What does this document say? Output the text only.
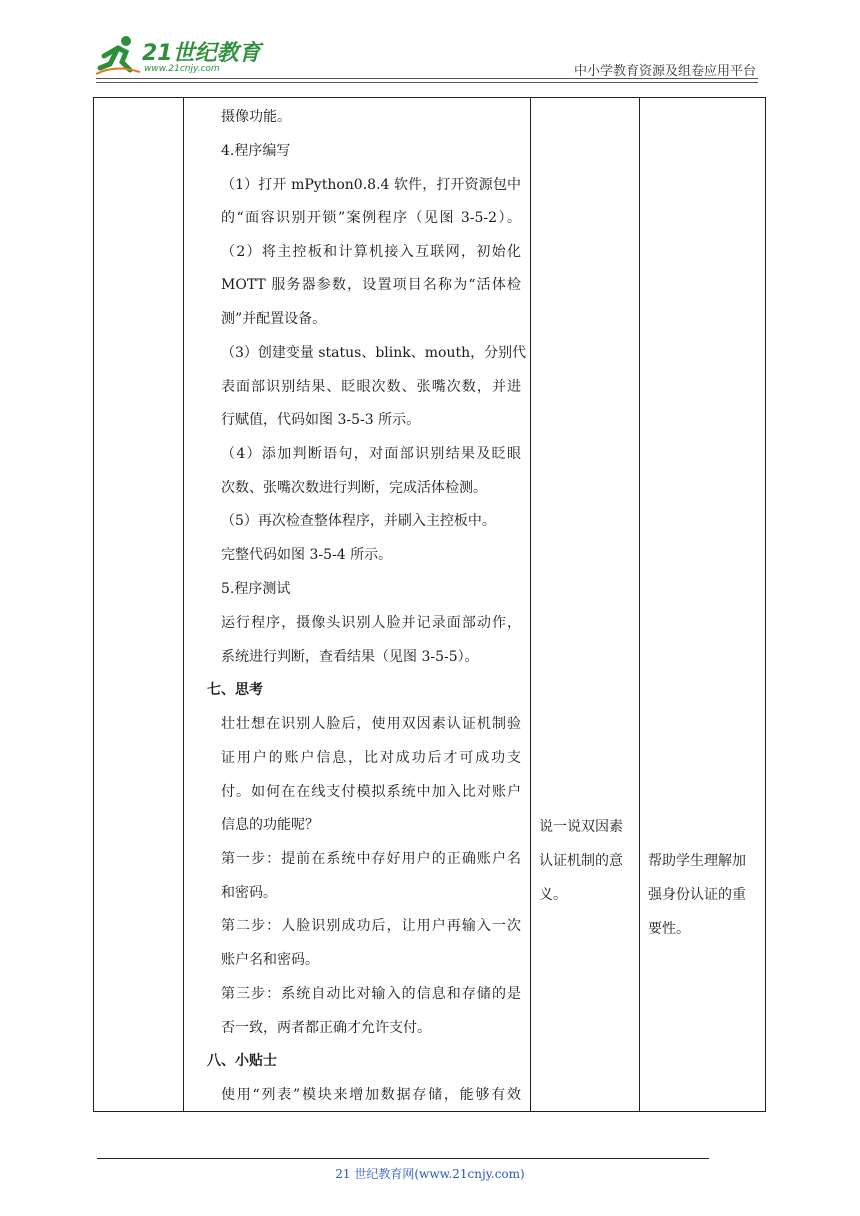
21世纪教育
www.21cnjy.com	中小学教育资源及组卷应用平台
摄像功能。
4.程序编写
（1）打开 mPython0.8.4 软件，打开资源包中
的“面容识别开锁”案例程序（见图 3-5-2）。
（2）将主控板和计算机接入互联网，初始化
MOTT 服务器参数，设置项目名称为“活体检
测”并配置设备。
（3）创建变量 status、blink、mouth，分别代
表面部识别结果、眨眼次数、张嘴次数，并进
行赋值，代码如图 3-5-3 所示。
（4）添加判断语句，对面部识别结果及眨眼
次数、张嘴次数进行判断，完成活体检测。
（5）再次检查整体程序，并刷入主控板中。
完整代码如图 3-5-4 所示。
5.程序测试
运行程序，摄像头识别人脸并记录面部动作，
系统进行判断，查看结果（见图 3-5-5）。
七、思考
壮壮想在识别人脸后，使用双因素认证机制验
证用户的账户信息，比对成功后才可成功支
付。如何在在线支付模拟系统中加入比对账户
信息的功能呢？
第一步：提前在系统中存好用户的正确账户名
和密码。
第二步：人脸识别成功后，让用户再输入一次
账户名和密码。
第三步：系统自动比对输入的信息和存储的是
否一致，两者都正确才允许支付。
八、小贴士
使用“列表”模块来增加数据存储，能够有效
说一说双因素
认证机制的意
义。
帮助学生理解加
强身份认证的重
要性。
21 世纪教育网(www.21cnjy.com)
